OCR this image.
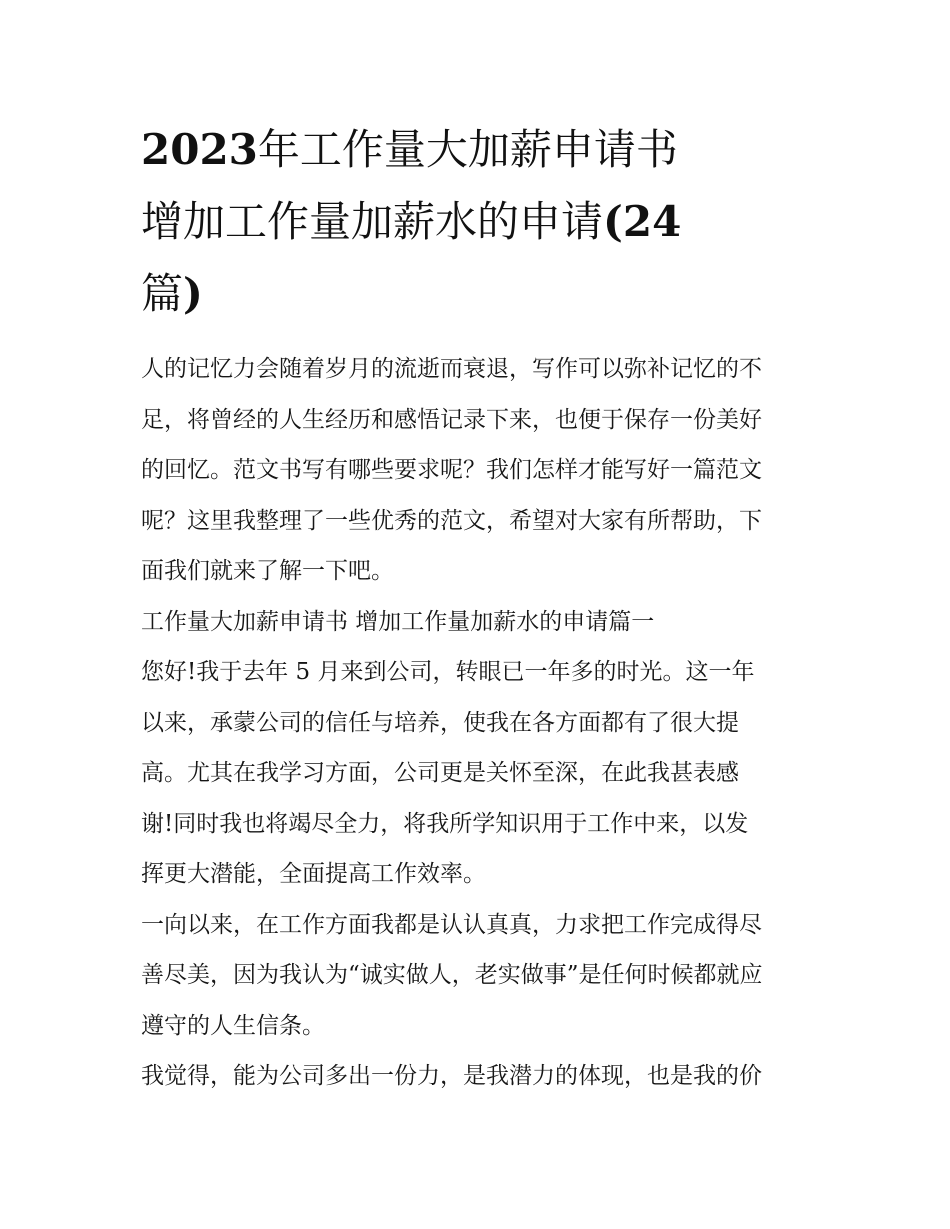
2023年工作量大加薪申请书
增加工作量加薪水的申请(24
篇)
人的记忆力会随着岁月的流逝而衰退，写作可以弥补记忆的不
足，将曾经的人生经历和感悟记录下来，也便于保存一份美好
的回忆。范文书写有哪些要求呢？我们怎样才能写好一篇范文
呢？这里我整理了一些优秀的范文，希望对大家有所帮助，下
面我们就来了解一下吧。
工作量大加薪申请书 增加工作量加薪水的申请篇一
您好!我于去年 5 月来到公司，转眼已一年多的时光。这一年
以来，承蒙公司的信任与培养，使我在各方面都有了很大提
高。尤其在我学习方面，公司更是关怀至深，在此我甚表感
谢!同时我也将竭尽全力，将我所学知识用于工作中来，以发
挥更大潜能，全面提高工作效率。
一向以来，在工作方面我都是认认真真，力求把工作完成得尽
善尽美，因为我认为“诚实做人，老实做事”是任何时候都就应
遵守的人生信条。
我觉得，能为公司多出一份力，是我潜力的体现，也是我的价
